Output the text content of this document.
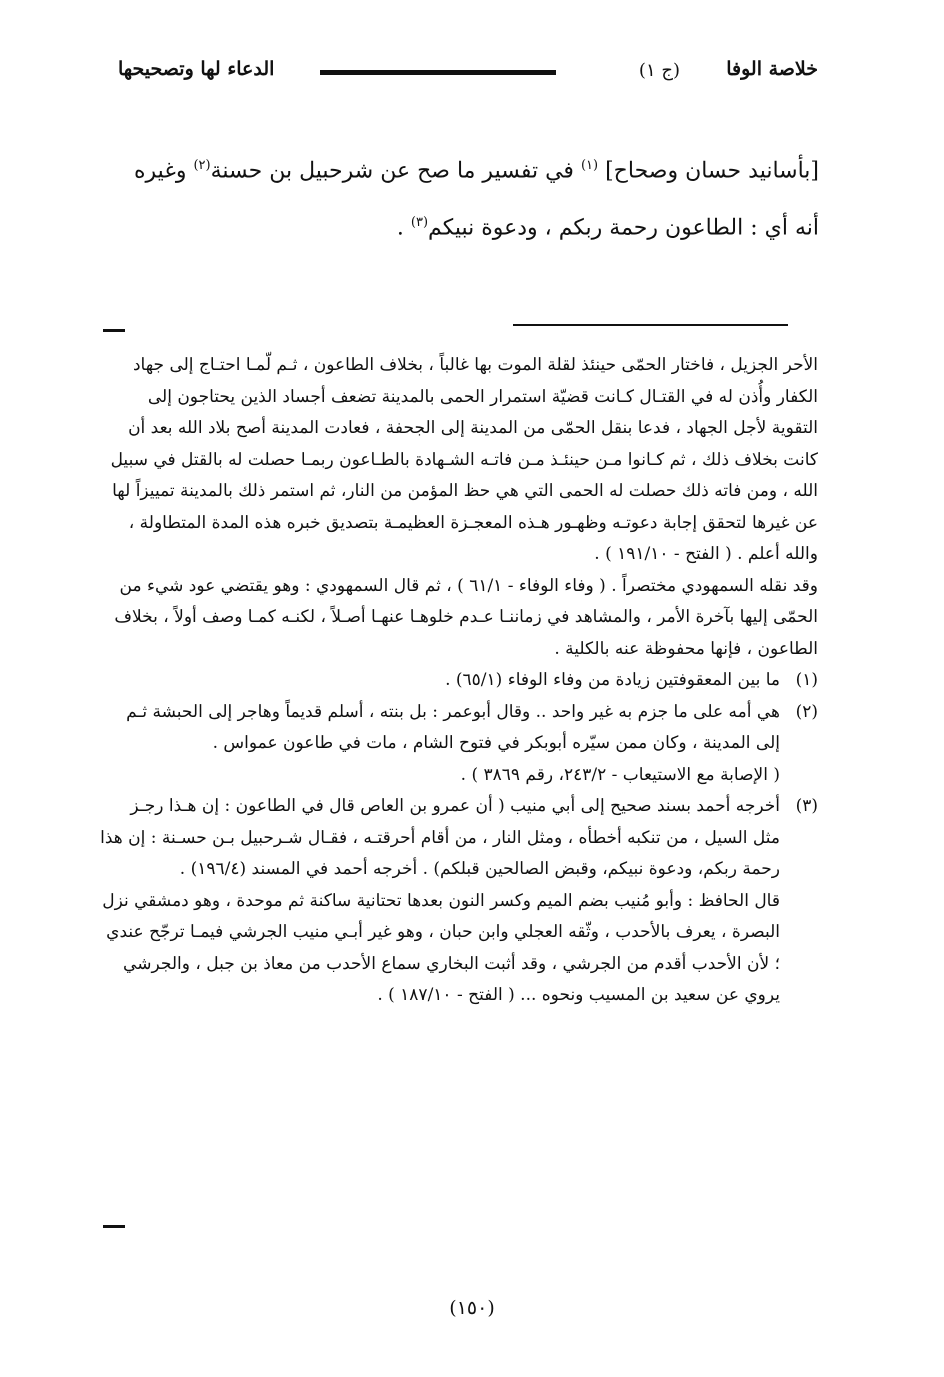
خلاصة الوفا
(ج ١)
الدعاء لها وتصحيحها

[بأسانيد حسان وصحاح] $^{(١)}$ في تفسير ما صح عن شرحبيل بن حسنة$^{(٢)}$ وغيره

أنه أي : الطاعون رحمة ربكم ، ودعوة نبيكم$^{(٣)}$ .

الأحر الجزيل ، فاختار الحمّى حينئذ لقلة الموت بها غالباً ، بخلاف الطاعون ، ثـم لّمـا احتـاج إلى جهاد الكفار وأُذن له في القتـال كـانت قضيّة استمرار الحمى بالمدينة تضعف أجساد الذين يحتاجون إلى التقوية لأجل الجهاد ، فدعا بنقل الحمّى من المدينة إلى الجحفة ، فعادت المدينة أصح بلاد الله بعد أن كانت بخلاف ذلك ، ثم كـانوا مـن حينئـذ مـن فاتـه الشـهادة بالطـاعون ربمـا حصلت له بالقتل في سبيل الله ، ومن فاته ذلك حصلت له الحمى التي هي حظ المؤمن من النار، ثم استمر ذلك بالمدينة تمييزاً لها عن غيرها لتحقق إجابة دعوتـه وظهـور هـذه المعجـزة العظيمـة بتصديق خبره هذه المدة المتطاولة ، والله أعلم . ( الفتح - ١٩١/١٠ ) .

وقد نقله السمهودي مختصراً . ( وفاء الوفاء - ٦١/١ ) ، ثم قال السمهودي : وهو يقتضي عود شيء من الحمّى إليها بآخرة الأمر ، والمشاهد في زماننـا عـدم خلوهـا عنهـا أصـلاً ، لكنـه كمـا وصف أولاً ، بخلاف الطاعون ، فإنها محفوظة عنه بالكلية .

(١)

ما بين المعقوفتين زيادة من وفاء الوفاء (٦٥/١) .

(٢)

هي أمه على ما جزم به غير واحد .. وقال أبوعمر : بل بنته ، أسلم قديماً وهاجر إلى الحبشة ثـم إلى المدينة ، وكان ممن سيّره أبوبكر في فتوح الشام ، مات في طاعون عمواس .

( الإصابة مع الاستيعاب - ٢٤٣/٢، رقم ٣٨٦٩ ) .

(٣)

أخرجه أحمد بسند صحيح إلى أبي منيب ( أن عمرو بن العاص قال في الطاعون : إن هـذا رجـز مثل السيل ، من تنكبه أخطأه ، ومثل النار ، من أقام أحرقتـه ، فقـال شـرحبيل بـن حسـنة : إن هذا رحمة ربكم، ودعوة نبيكم، وقبض الصالحين قبلكم) . أخرجه أحمد في المسند (١٩٦/٤) .

قال الحافظ : وأبو مُنيب بضم الميم وكسر النون بعدها تحتانية ساكنة ثم موحدة ، وهو دمشقي نزل البصرة ، يعرف بالأحدب ، وثّقه العجلي وابن حبان ، وهو غير أبـي منيب الجرشي فيمـا ترجّح عندي ؛ لأن الأحدب أقدم من الجرشي ، وقد أثبت البخاري سماع الأحدب من معاذ بن جبل ، والجرشي يروي عن سعيد بن المسيب ونحوه ... ( الفتح - ١٨٧/١٠ ) .

(١٥٠)
